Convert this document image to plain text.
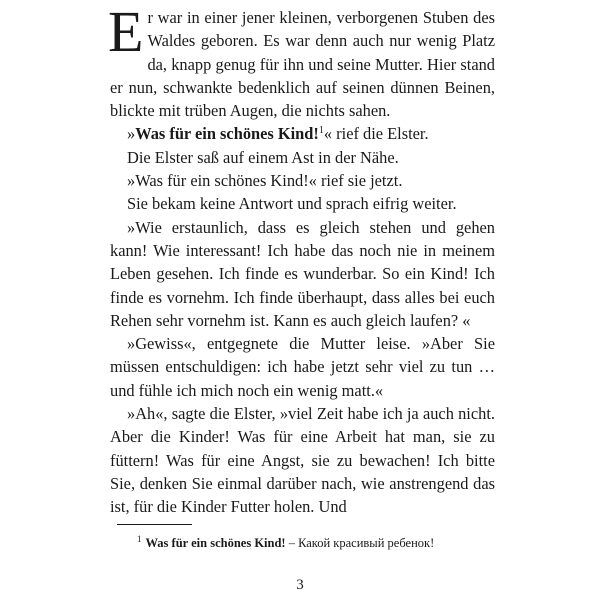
Er war in einer jener kleinen, verborgenen Stuben des Waldes geboren. Es war denn auch nur wenig Platz da, knapp genug für ihn und seine Mutter. Hier stand er nun, schwankte bedenklich auf seinen dünnen Beinen, blickte mit trüben Augen, die nichts sahen.

»Was für ein schönes Kind!$^1$« rief die Elster.

Die Elster saß auf einem Ast in der Nähe.

»Was für ein schönes Kind!« rief sie jetzt.

Sie bekam keine Antwort und sprach eifrig weiter.

»Wie erstaunlich, dass es gleich stehen und gehen kann! Wie interessant! Ich habe das noch nie in meinem Leben gesehen. Ich finde es wunderbar. So ein Kind! Ich finde es vornehm. Ich finde überhaupt, dass alles bei euch Rehen sehr vornehm ist. Kann es auch gleich laufen? «

»Gewiss«, entgegnete die Mutter leise. »Aber Sie müssen entschuldigen: ich habe jetzt sehr viel zu tun … und fühle ich mich noch ein wenig matt.«

»Ah«, sagte die Elster, »viel Zeit habe ich ja auch nicht. Aber die Kinder! Was für eine Arbeit hat man, sie zu füttern! Was für eine Angst, sie zu bewachen! Ich bitte Sie, denken Sie einmal darüber nach, wie anstrengend das ist, für die Kinder Futter holen. Und

$^1$ Was für ein schönes Kind! – Какой красивый ребенок!
3
